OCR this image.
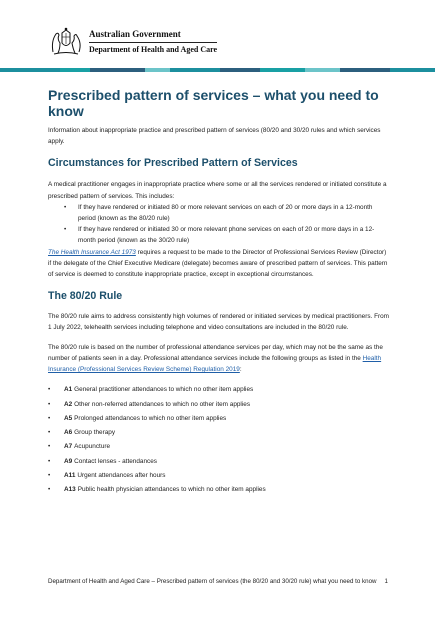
Australian Government
Department of Health and Aged Care
Prescribed pattern of services – what you need to know

Information about inappropriate practice and prescribed pattern of services (80/20 and 30/20 rules and which services apply.

Circumstances for Prescribed Pattern of Services

A medical practitioner engages in inappropriate practice where some or all the services rendered or initiated constitute a prescribed pattern of services. This includes:

• If they have rendered or initiated 80 or more relevant services on each of 20 or more days in a 12-month period (known as the 80/20 rule)
• If they have rendered or initiated 30 or more relevant phone services on each of 20 or more days in a 12-month period (known as the 30/20 rule)

The Health Insurance Act 1973 requires a request to be made to the Director of Professional Services Review (Director) if the delegate of the Chief Executive Medicare (delegate) becomes aware of prescribed pattern of services. This pattern of service is deemed to constitute inappropriate practice, except in exceptional circumstances.

The 80/20 Rule

The 80/20 rule aims to address consistently high volumes of rendered or initiated services by medical practitioners. From 1 July 2022, telehealth services including telephone and video consultations are included in the 80/20 rule.

The 80/20 rule is based on the number of professional attendance services per day, which may not be the same as the number of patients seen in a day. Professional attendance services include the following groups as listed in the Health Insurance (Professional Services Review Scheme) Regulation 2019:

•	A1 General practitioner attendances to which no other item applies
•	A2 Other non-referred attendances to which no other item applies
•	A5 Prolonged attendances to which no other item applies
•	A6 Group therapy
•	A7 Acupuncture
•	A9 Contact lenses - attendances
•	A11 Urgent attendances after hours
•	A13 Public health physician attendances to which no other item applies
Department of Health and Aged Care – Prescribed pattern of services (the 80/20 and 30/20 rule) what you need to know 1
